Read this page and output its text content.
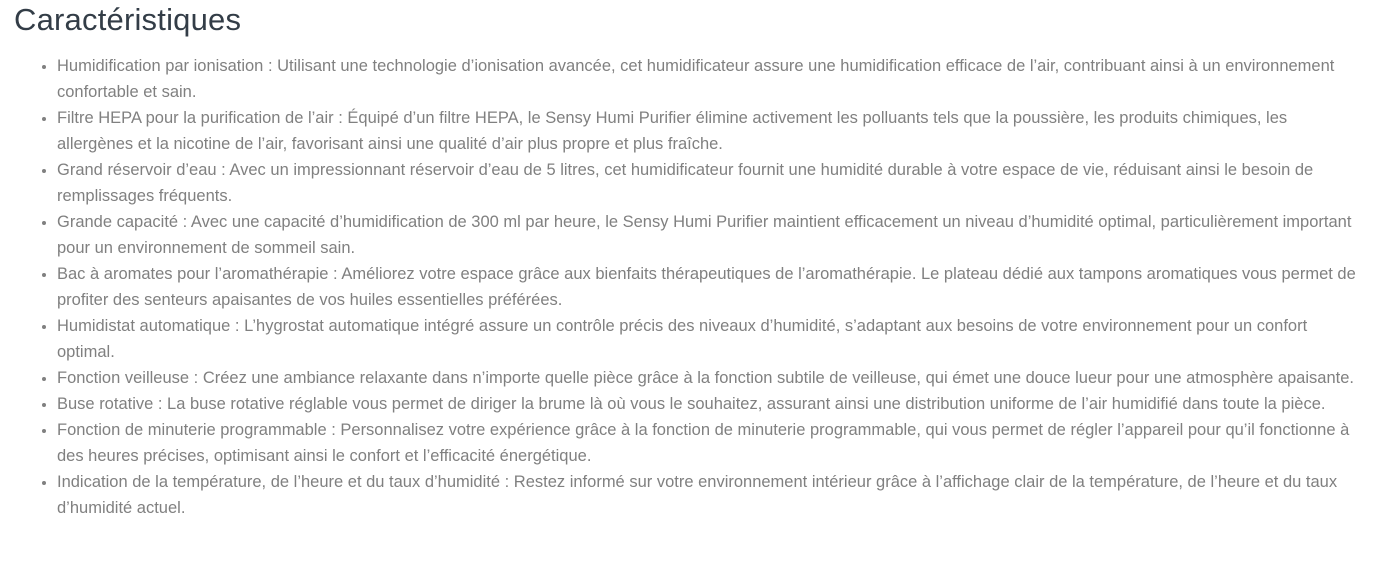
Caractéristiques
• Humidification par ionisation : Utilisant une technologie d’ionisation avancée, cet humidificateur assure une humidification efficace de l’air, contribuant ainsi à un environnement confortable et sain.
• Filtre HEPA pour la purification de l’air : Équipé d’un filtre HEPA, le Sensy Humi Purifier élimine activement les polluants tels que la poussière, les produits chimiques, les allergènes et la nicotine de l’air, favorisant ainsi une qualité d’air plus propre et plus fraîche.
• Grand réservoir d’eau : Avec un impressionnant réservoir d’eau de 5 litres, cet humidificateur fournit une humidité durable à votre espace de vie, réduisant ainsi le besoin de remplissages fréquents.
• Grande capacité : Avec une capacité d’humidification de 300 ml par heure, le Sensy Humi Purifier maintient efficacement un niveau d’humidité optimal, particulièrement important pour un environnement de sommeil sain.
• Bac à aromates pour l’aromathérapie : Améliorez votre espace grâce aux bienfaits thérapeutiques de l’aromathérapie. Le plateau dédié aux tampons aromatiques vous permet de profiter des senteurs apaisantes de vos huiles essentielles préférées.
• Humidistat automatique : L’hygrostat automatique intégré assure un contrôle précis des niveaux d’humidité, s’adaptant aux besoins de votre environnement pour un confort optimal.
• Fonction veilleuse : Créez une ambiance relaxante dans n’importe quelle pièce grâce à la fonction subtile de veilleuse, qui émet une douce lueur pour une atmosphère apaisante.
• Buse rotative : La buse rotative réglable vous permet de diriger la brume là où vous le souhaitez, assurant ainsi une distribution uniforme de l’air humidifié dans toute la pièce.
• Fonction de minuterie programmable : Personnalisez votre expérience grâce à la fonction de minuterie programmable, qui vous permet de régler l’appareil pour qu’il fonctionne à des heures précises, optimisant ainsi le confort et l’efficacité énergétique.
• Indication de la température, de l’heure et du taux d’humidité : Restez informé sur votre environnement intérieur grâce à l’affichage clair de la température, de l’heure et du taux d’humidité actuel.
